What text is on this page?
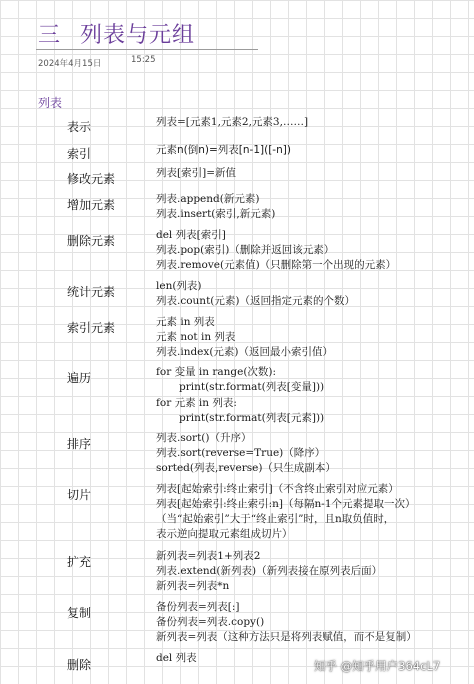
三 列表与元组
2024年4月15日	15:25
列表
表示	列表=[元素1,元素2,元素3,……]
索引	元素n(倒n)=列表[n-1]([-n])
修改元素	列表[索引]=新值
增加元素	列表.append(新元素)
列表.insert(索引,新元素)
删除元素	del 列表[索引]
列表.pop(索引)（删除并返回该元素）
列表.remove(元素值)（只删除第一个出现的元素）
统计元素	len(列表)
列表.count(元素)（返回指定元素的个数）
索引元素	元素 in 列表
元素 not in 列表
列表.index(元素)（返回最小索引值）
遍历	for 变量 in range(次数):
print(str.format(列表[变量]))
for 元素 in 列表:
print(str.format(列表[元素]))
排序	列表.sort()（升序）
列表.sort(reverse=True)（降序）
sorted(列表,reverse)（只生成副本）
切片	列表[起始索引:终止索引]（不含终止索引对应元素）
列表[起始索引:终止索引:n]（每隔n-1个元素提取一次）
（当“起始索引”大于“终止索引”时，且n取负值时，
表示逆向提取元素组成切片）
扩充	新列表=列表1+列表2
列表.extend(新列表)（新列表接在原列表后面）
新列表=列表*n
复制	备份列表=列表[:]
备份列表=列表.copy()
新列表=列表（这种方法只是将列表赋值，而不是复制）
删除	del 列表
知乎 @知乎用户364cL7
